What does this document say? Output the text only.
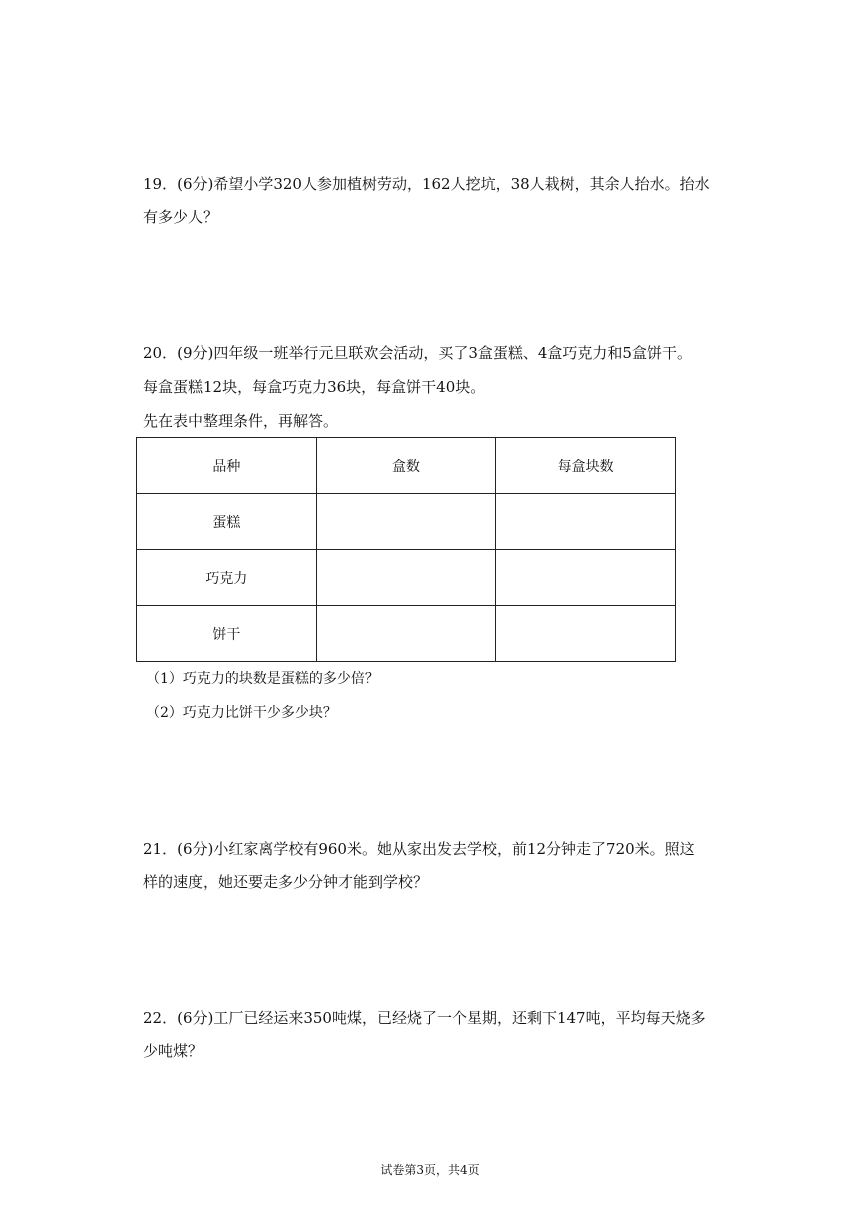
19．(6分)希望小学320人参加植树劳动，162人挖坑，38人栽树，其余人抬水。抬水
有多少人？
20．(9分)四年级一班举行元旦联欢会活动，买了3盒蛋糕、4盒巧克力和5盒饼干。
每盒蛋糕12块，每盒巧克力36块，每盒饼干40块。
先在表中整理条件，再解答。
品种	盒数	每盒块数
蛋糕		
巧克力		
饼干		
（1）巧克力的块数是蛋糕的多少倍？
（2）巧克力比饼干少多少块？
21．(6分)小红家离学校有960米。她从家出发去学校，前12分钟走了720米。照这
样的速度，她还要走多少分钟才能到学校？
22．(6分)工厂已经运来350吨煤，已经烧了一个星期，还剩下147吨，平均每天烧多
少吨煤？
试卷第3页，共4页
